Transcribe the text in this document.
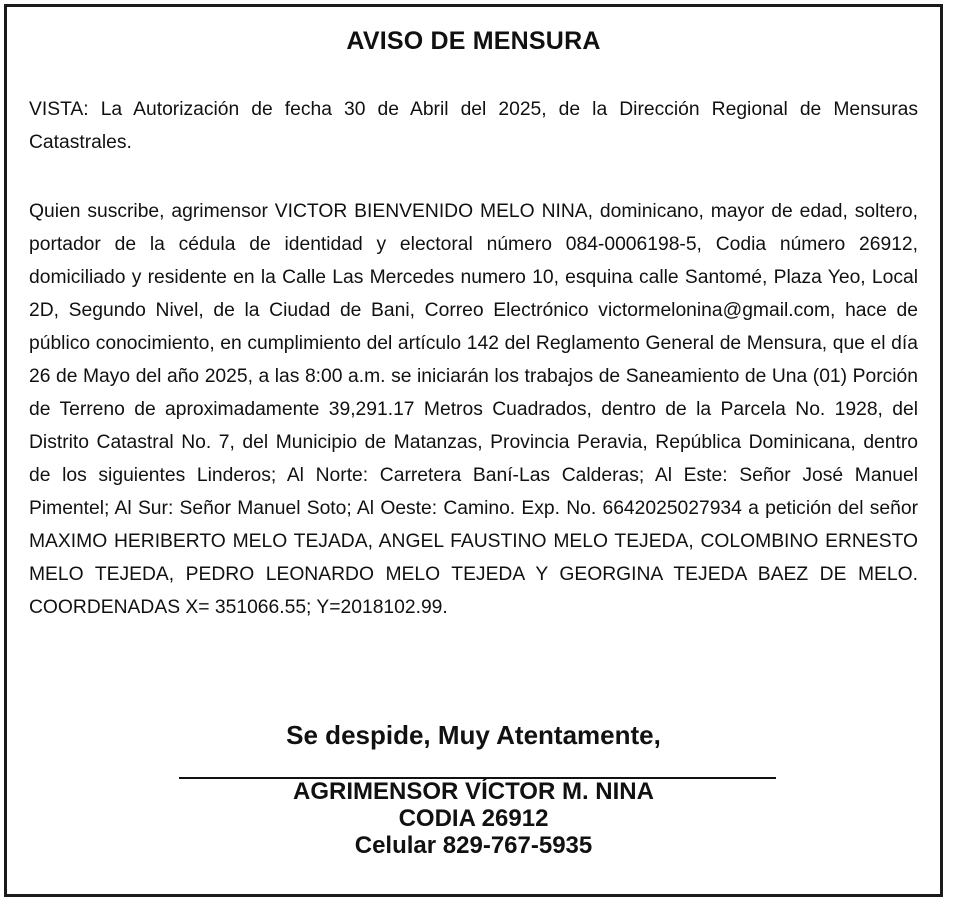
AVISO DE MENSURA

VISTA: La Autorización de fecha 30 de Abril del 2025, de la Dirección Regional de Mensuras Catastrales.

Quien suscribe, agrimensor VICTOR BIENVENIDO MELO NINA, dominicano, mayor de edad, soltero, portador de la cédula de identidad y electoral número 084-0006198-5, Codia número 26912, domiciliado y residente en la Calle Las Mercedes numero 10, esquina calle Santomé, Plaza Yeo, Local 2D, Segundo Nivel, de la Ciudad de Bani, Correo Electrónico victormelonina@gmail.com, hace de público conocimiento, en cumplimiento del artículo 142 del Reglamento General de Mensura, que el día 26 de Mayo del año 2025, a las 8:00 a.m. se iniciarán los trabajos de Saneamiento de Una (01) Porción de Terreno de aproximadamente 39,291.17 Metros Cuadrados, dentro de la Parcela No. 1928, del Distrito Catastral No. 7, del Municipio de Matanzas, Provincia Peravia, República Dominicana, dentro de los siguientes Linderos; Al Norte: Carretera Baní-Las Calderas; Al Este: Señor José Manuel Pimentel; Al Sur: Señor Manuel Soto; Al Oeste: Camino. Exp. No. 6642025027934 a petición del señor MAXIMO HERIBERTO MELO TEJADA, ANGEL FAUSTINO MELO TEJEDA, COLOMBINO ERNESTO MELO TEJEDA, PEDRO LEONARDO MELO TEJEDA Y GEORGINA TEJEDA BAEZ DE MELO. COORDENADAS X= 351066.55; Y=2018102.99.

Se despide, Muy Atentamente,
AGRIMENSOR VÍCTOR M. NINA
CODIA 26912
Celular 829-767-5935
